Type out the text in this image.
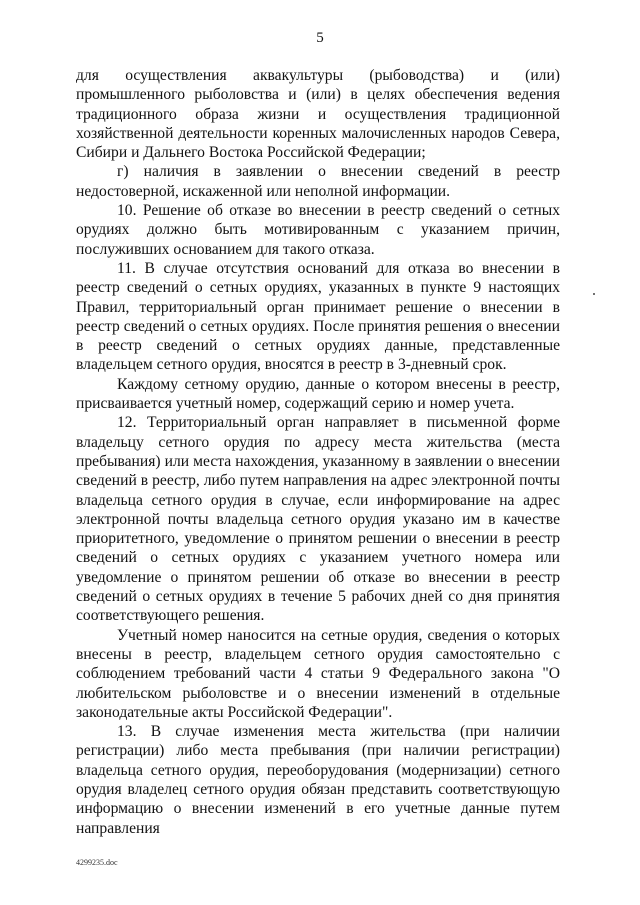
5

для осуществления аквакультуры (рыбоводства) и (или) промышленного рыболовства и (или) в целях обеспечения ведения традиционного образа жизни и осуществления традиционной хозяйственной деятельности коренных малочисленных народов Севера, Сибири и Дальнего Востока Российской Федерации;

г) наличия в заявлении о внесении сведений в реестр недостоверной, искаженной или неполной информации.

10. Решение об отказе во внесении в реестр сведений о сетных орудиях должно быть мотивированным с указанием причин, послуживших основанием для такого отказа.

11. В случае отсутствия оснований для отказа во внесении в реестр сведений о сетных орудиях, указанных в пункте 9 настоящих Правил, территориальный орган принимает решение о внесении в реестр сведений о сетных орудиях. После принятия решения о внесении в реестр сведений о сетных орудиях данные, представленные владельцем сетного орудия, вносятся в реестр в 3-дневный срок.

Каждому сетному орудию, данные о котором внесены в реестр, присваивается учетный номер, содержащий серию и номер учета.

12. Территориальный орган направляет в письменной форме владельцу сетного орудия по адресу места жительства (места пребывания) или места нахождения, указанному в заявлении о внесении сведений в реестр, либо путем направления на адрес электронной почты владельца сетного орудия в случае, если информирование на адрес электронной почты владельца сетного орудия указано им в качестве приоритетного, уведомление о принятом решении о внесении в реестр сведений о сетных орудиях с указанием учетного номера или уведомление о принятом решении об отказе во внесении в реестр сведений о сетных орудиях в течение 5 рабочих дней со дня принятия соответствующего решения.

Учетный номер наносится на сетные орудия, сведения о которых внесены в реестр, владельцем сетного орудия самостоятельно с соблюдением требований части 4 статьи 9 Федерального закона "О любительском рыболовстве и о внесении изменений в отдельные законодательные акты Российской Федерации".

13. В случае изменения места жительства (при наличии регистрации) либо места пребывания (при наличии регистрации) владельца сетного орудия, переоборудования (модернизации) сетного орудия владелец сетного орудия обязан представить соответствующую информацию о внесении изменений в его учетные данные путем направления

4299235.doc
